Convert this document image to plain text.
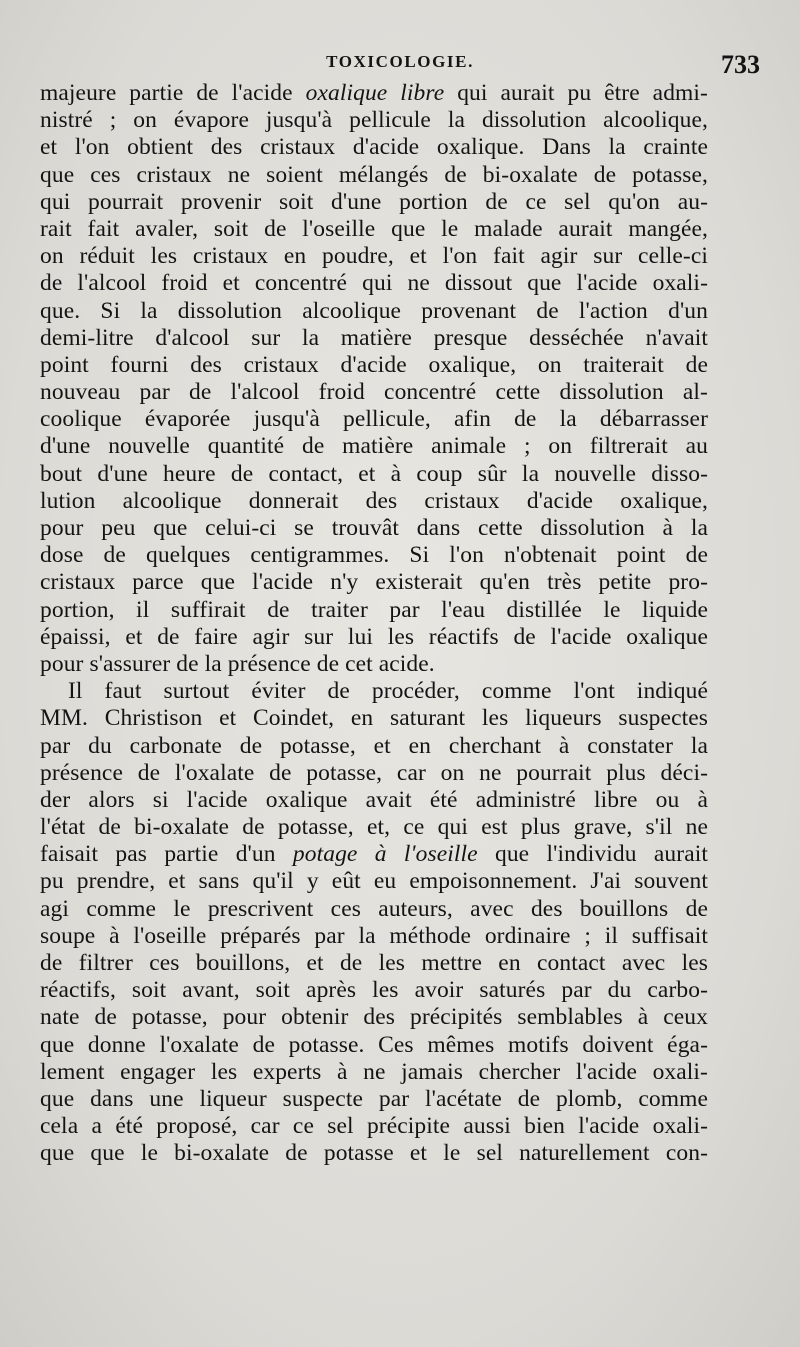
TOXICOLOGIE.	733
majeure partie de l'acide oxalique libre qui aurait pu être admi-
nistré ; on évapore jusqu'à pellicule la dissolution alcoolique,
et l'on obtient des cristaux d'acide oxalique. Dans la crainte
que ces cristaux ne soient mélangés de bi-oxalate de potasse,
qui pourrait provenir soit d'une portion de ce sel qu'on au-
rait fait avaler, soit de l'oseille que le malade aurait mangée,
on réduit les cristaux en poudre, et l'on fait agir sur celle-ci
de l'alcool froid et concentré qui ne dissout que l'acide oxali-
que. Si la dissolution alcoolique provenant de l'action d'un
demi-litre d'alcool sur la matière presque desséchée n'avait
point fourni des cristaux d'acide oxalique, on traiterait de
nouveau par de l'alcool froid concentré cette dissolution al-
coolique évaporée jusqu'à pellicule, afin de la débarrasser
d'une nouvelle quantité de matière animale ; on filtrerait au
bout d'une heure de contact, et à coup sûr la nouvelle disso-
lution alcoolique donnerait des cristaux d'acide oxalique,
pour peu que celui-ci se trouvât dans cette dissolution à la
dose de quelques centigrammes. Si l'on n'obtenait point de
cristaux parce que l'acide n'y existerait qu'en très petite pro-
portion, il suffirait de traiter par l'eau distillée le liquide
épaissi, et de faire agir sur lui les réactifs de l'acide oxalique
pour s'assurer de la présence de cet acide.
Il faut surtout éviter de procéder, comme l'ont indiqué
MM. Christison et Coindet, en saturant les liqueurs suspectes
par du carbonate de potasse, et en cherchant à constater la
présence de l'oxalate de potasse, car on ne pourrait plus déci-
der alors si l'acide oxalique avait été administré libre ou à
l'état de bi-oxalate de potasse, et, ce qui est plus grave, s'il ne
faisait pas partie d'un potage à l'oseille que l'individu aurait
pu prendre, et sans qu'il y eût eu empoisonnement. J'ai souvent
agi comme le prescrivent ces auteurs, avec des bouillons de
soupe à l'oseille préparés par la méthode ordinaire ; il suffisait
de filtrer ces bouillons, et de les mettre en contact avec les
réactifs, soit avant, soit après les avoir saturés par du carbo-
nate de potasse, pour obtenir des précipités semblables à ceux
que donne l'oxalate de potasse. Ces mêmes motifs doivent éga-
lement engager les experts à ne jamais chercher l'acide oxali-
que dans une liqueur suspecte par l'acétate de plomb, comme
cela a été proposé, car ce sel précipite aussi bien l'acide oxali-
que que le bi-oxalate de potasse et le sel naturellement con-
